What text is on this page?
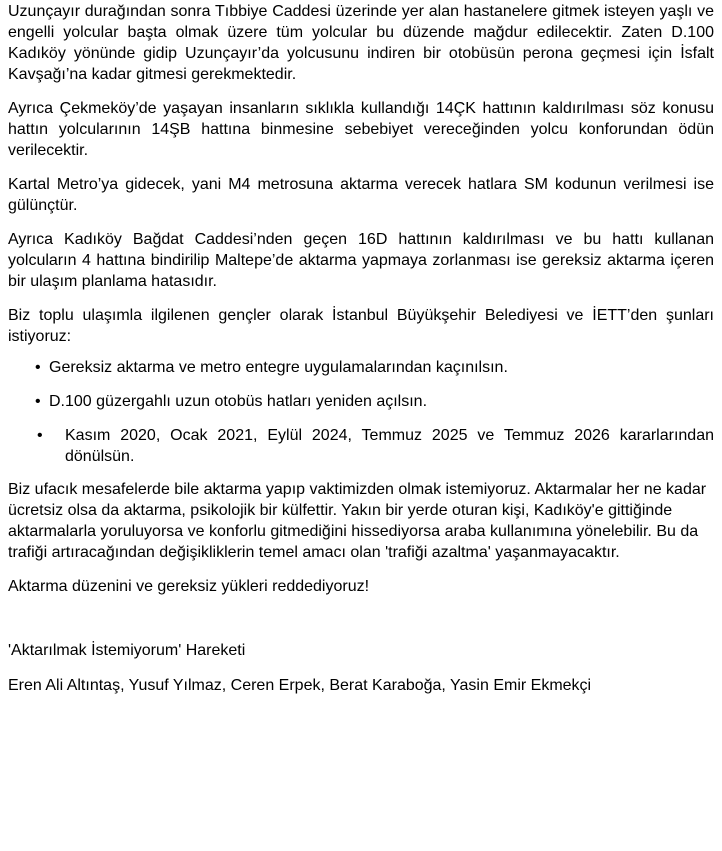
Uzunçayır durağından sonra Tıbbiye Caddesi üzerinde yer alan hastanelere gitmek isteyen yaşlı ve engelli yolcular başta olmak üzere tüm yolcular bu düzende mağdur edilecektir. Zaten D.100 Kadıköy yönünde gidip Uzunçayır’da yolcusunu indiren bir otobüsün perona geçmesi için İsfalt Kavşağı’na kadar gitmesi gerekmektedir.

Ayrıca Çekmeköy’de yaşayan insanların sıklıkla kullandığı 14ÇK hattının kaldırılması söz konusu hattın yolcularının 14ŞB hattına binmesine sebebiyet vereceğinden yolcu konforundan ödün verilecektir.

Kartal Metro’ya gidecek, yani M4 metrosuna aktarma verecek hatlara SM kodunun verilmesi ise gülünçtür.

Ayrıca Kadıköy Bağdat Caddesi’nden geçen 16D hattının kaldırılması ve bu hattı kullanan yolcuların 4 hattına bindirilip Maltepe’de aktarma yapmaya zorlanması ise gereksiz aktarma içeren bir ulaşım planlama hatasıdır.

Biz toplu ulaşımla ilgilenen gençler olarak İstanbul Büyükşehir Belediyesi ve İETT’den şunları istiyoruz:

• Gereksiz aktarma ve metro entegre uygulamalarından kaçınılsın.
• D.100 güzergahlı uzun otobüs hatları yeniden açılsın.
• Kasım 2020, Ocak 2021, Eylül 2024, Temmuz 2025 ve Temmuz 2026 kararlarından dönülsün.

Biz ufacık mesafelerde bile aktarma yapıp vaktimizden olmak istemiyoruz. Aktarmalar her ne kadar ücretsiz olsa da aktarma, psikolojik bir külfettir. Yakın bir yerde oturan kişi, Kadıköy'e gittiğinde aktarmalarla yoruluyorsa ve konforlu gitmediğini hissediyorsa araba kullanımına yönelebilir. Bu da trafiği artıracağından değişikliklerin temel amacı olan 'trafiği azaltma' yaşanmayacaktır.

Aktarma düzenini ve gereksiz yükleri reddediyoruz!

'Aktarılmak İstemiyorum' Hareketi

Eren Ali Altıntaş, Yusuf Yılmaz, Ceren Erpek, Berat Karaboğa, Yasin Emir Ekmekçi
